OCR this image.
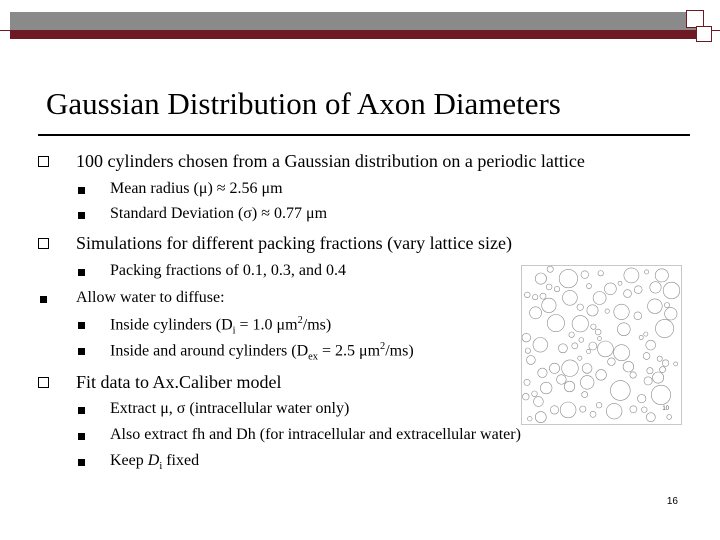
Gaussian Distribution of Axon Diameters
100 cylinders chosen from a Gaussian distribution on a periodic lattice
Mean radius (μ) ≈ 2.56 μm
Standard Deviation (σ) ≈ 0.77 μm
Simulations for different packing fractions (vary lattice size)
Packing fractions of 0.1, 0.3, and 0.4
Allow water to diffuse:
Inside cylinders ($D_i = 1.0$ $\mu m^2/ms$)
Inside and around cylinders ($D_{ex} = 2.5$ $\mu m^2/ms$)
Fit data to Ax.Caliber model
Extract μ, σ (intracellular water only)
Also extract fh and Dh (for intracellular and extracellular water)
Keep $D_i$ fixed
10
16
